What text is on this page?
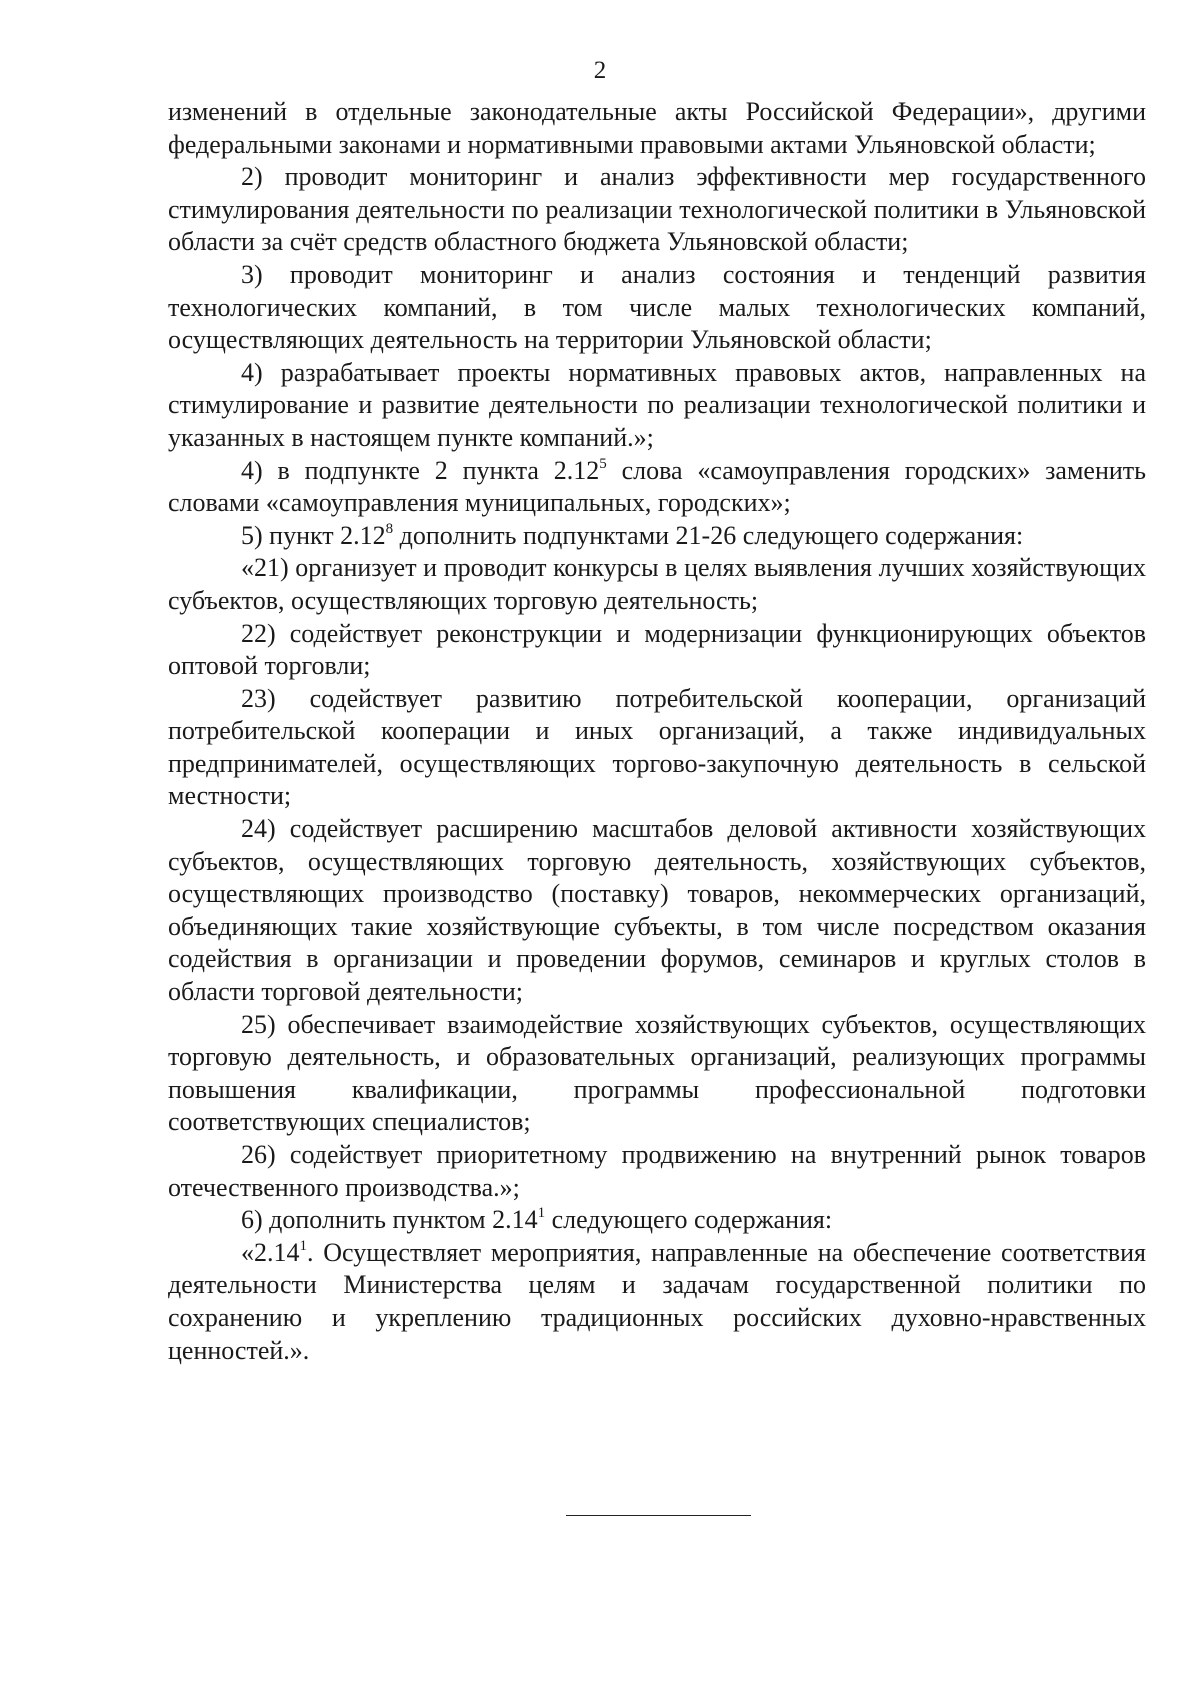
2

изменений в отдельные законодательные акты Российской Федерации», другими федеральными законами и нормативными правовыми актами Ульяновской области;

2) проводит мониторинг и анализ эффективности мер государственного стимулирования деятельности по реализации технологической политики в Ульяновской области за счёт средств областного бюджета Ульяновской области;

3) проводит мониторинг и анализ состояния и тенденций развития технологических компаний, в том числе малых технологических компаний, осуществляющих деятельность на территории Ульяновской области;

4) разрабатывает проекты нормативных правовых актов, направленных на стимулирование и развитие деятельности по реализации технологической политики и указанных в настоящем пункте компаний.»;

4) в подпункте 2 пункта 2.12$^5$ слова «самоуправления городских» заменить словами «самоуправления муниципальных, городских»;

5) пункт 2.12$^8$ дополнить подпунктами 21-26 следующего содержания:

«21) организует и проводит конкурсы в целях выявления лучших хозяйствующих субъектов, осуществляющих торговую деятельность;

22) содействует реконструкции и модернизации функционирующих объектов оптовой торговли;

23) содействует развитию потребительской кооперации, организаций потребительской кооперации и иных организаций, а также индивидуальных предпринимателей, осуществляющих торгово-закупочную деятельность в сельской местности;

24) содействует расширению масштабов деловой активности хозяйствующих субъектов, осуществляющих торговую деятельность, хозяйствующих субъектов, осуществляющих производство (поставку) товаров, некоммерческих организаций, объединяющих такие хозяйствующие субъекты, в том числе посредством оказания содействия в организации и проведении форумов, семинаров и круглых столов в области торговой деятельности;

25) обеспечивает взаимодействие хозяйствующих субъектов, осуществляющих торговую деятельность, и образовательных организаций, реализующих программы повышения квалификации, программы профессиональной подготовки соответствующих специалистов;

26) содействует приоритетному продвижению на внутренний рынок товаров отечественного производства.»;

6) дополнить пунктом 2.14$^1$ следующего содержания:

«2.14$^1$. Осуществляет мероприятия, направленные на обеспечение соответствия деятельности Министерства целям и задачам государственной политики по сохранению и укреплению традиционных российских духовно-нравственных ценностей.».
